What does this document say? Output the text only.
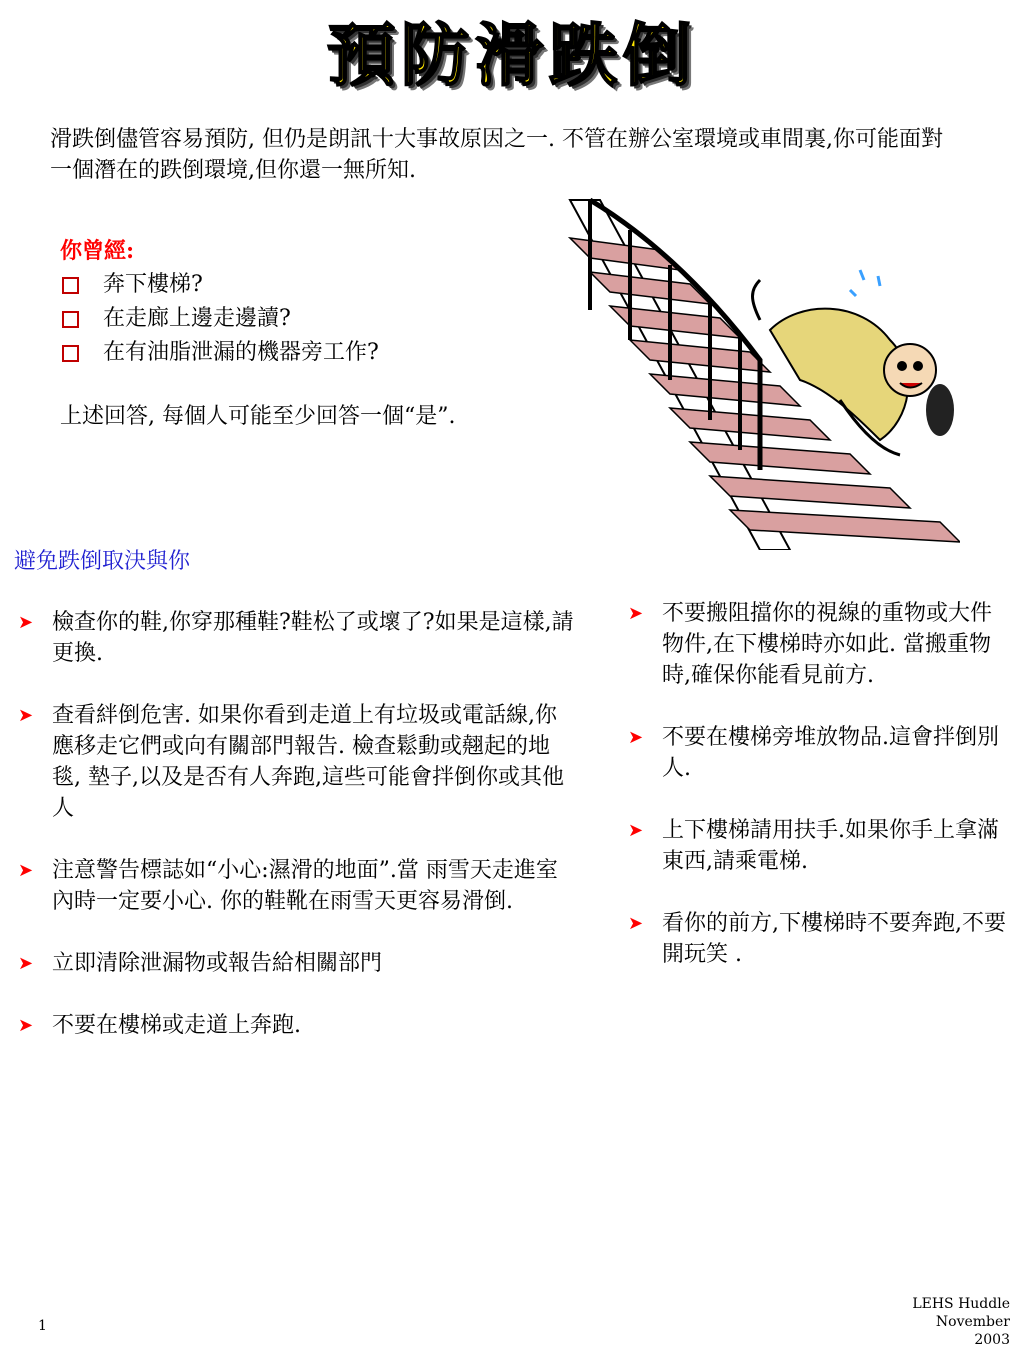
預防滑跌倒
滑跌倒儘管容易預防, 但仍是朗訊十大事故原因之一. 不管在辦公室環境或車間裏,你可能面對一個潛在的跌倒環境,但你還一無所知.
你曾經:
奔下樓梯?
在走廊上邊走邊讀?
在有油脂泄漏的機器旁工作?
上述回答, 每個人可能至少回答一個“是”.
避免跌倒取決與你
➤ 檢查你的鞋,你穿那種鞋?鞋松了或壞了?如果是這樣,請更換.
➤ 查看絆倒危害. 如果你看到走道上有垃圾或電話線,你應移走它們或向有關部門報告. 檢查鬆動或翹起的地毯, 墊子,以及是否有人奔跑,這些可能會拌倒你或其他人
➤ 注意警告標誌如“小心:濕滑的地面”.當 雨雪天走進室內時一定要小心. 你的鞋靴在雨雪天更容易滑倒.
➤ 立即清除泄漏物或報告給相關部門
➤ 不要在樓梯或走道上奔跑.
➤ 不要搬阻擋你的視線的重物或大件物件,在下樓梯時亦如此. 當搬重物時,確保你能看見前方.
➤ 不要在樓梯旁堆放物品.這會拌倒別人.
➤ 上下樓梯請用扶手.如果你手上拿滿東西,請乘電梯.
➤ 看你的前方,下樓梯時不要奔跑,不要開玩笑 .
1
LEHS Huddle
November 2003
